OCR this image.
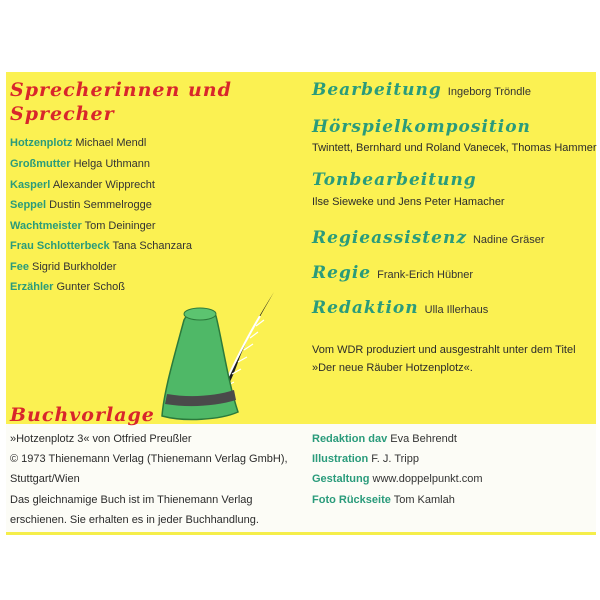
Sprecherinnen und
Sprecher
Hotzenplotz Michael Mendl
Großmutter Helga Uthmann
Kasperl Alexander Wipprecht
Seppel Dustin Semmelrogge
Wachtmeister Tom Deininger
Frau Schlotterbeck Tana Schanzara
Fee Sigrid Burkholder
Erzähler Gunter Schoß
Bearbeitung Ingeborg Tröndle
Hörspielkomposition
Twintett, Bernhard und Roland Vanecek, Thomas Hammer
Tonbearbeitung
Ilse Sieweke und Jens Peter Hamacher
Regieassistenz Nadine Gräser
Regie Frank-Erich Hübner
Redaktion Ulla Illerhaus
Vom WDR produziert und ausgestrahlt unter dem Titel
»Der neue Räuber Hotzenplotz«.
Buchvorlage
»Hotzenplotz 3« von Otfried Preußler
© 1973 Thienemann Verlag (Thienemann Verlag GmbH),
Stuttgart/Wien
Das gleichnamige Buch ist im Thienemann Verlag
erschienen. Sie erhalten es in jeder Buchhandlung.
Redaktion dav Eva Behrendt
Illustration F. J. Tripp
Gestaltung www.doppelpunkt.com
Foto Rückseite Tom Kamlah
